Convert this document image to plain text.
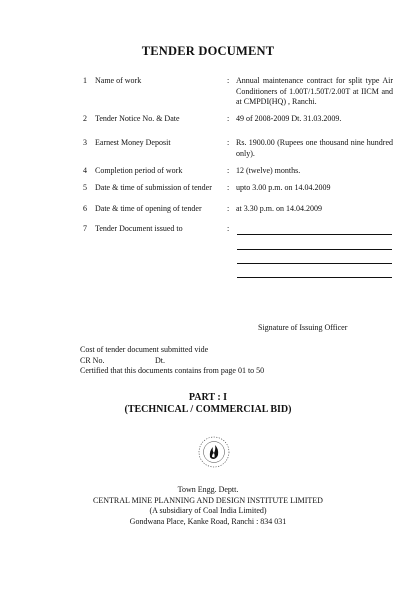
TENDER DOCUMENT
1	Name of work	: Annual maintenance contract for split type Air Conditioners of 1.00T/1.50T/2.00T at IICM and at CMPDI(HQ) , Ranchi.
2	Tender Notice No. & Date	: 49 of 2008-2009 Dt. 31.03.2009.
3	Earnest Money Deposit	: Rs. 1900.00 (Rupees one thousand nine hundred only).
4	Completion period of work	: 12 (twelve) months.
5	Date & time of submission of tender	: upto 3.00 p.m. on 14.04.2009
6	Date & time of opening of tender	: at 3.30 p.m. on 14.04.2009
7	Tender Document issued to	:
Signature of Issuing Officer
Cost of tender document submitted vide
CR No.	Dt.
Certified that this documents contains from page 01 to 50
PART : I
(TECHNICAL / COMMERCIAL BID)
Town Engg. Deptt.
CENTRAL MINE PLANNING AND DESIGN INSTITUTE LIMITED
(A subsidiary of Coal India Limited)
Gondwana Place, Kanke Road, Ranchi : 834 031
